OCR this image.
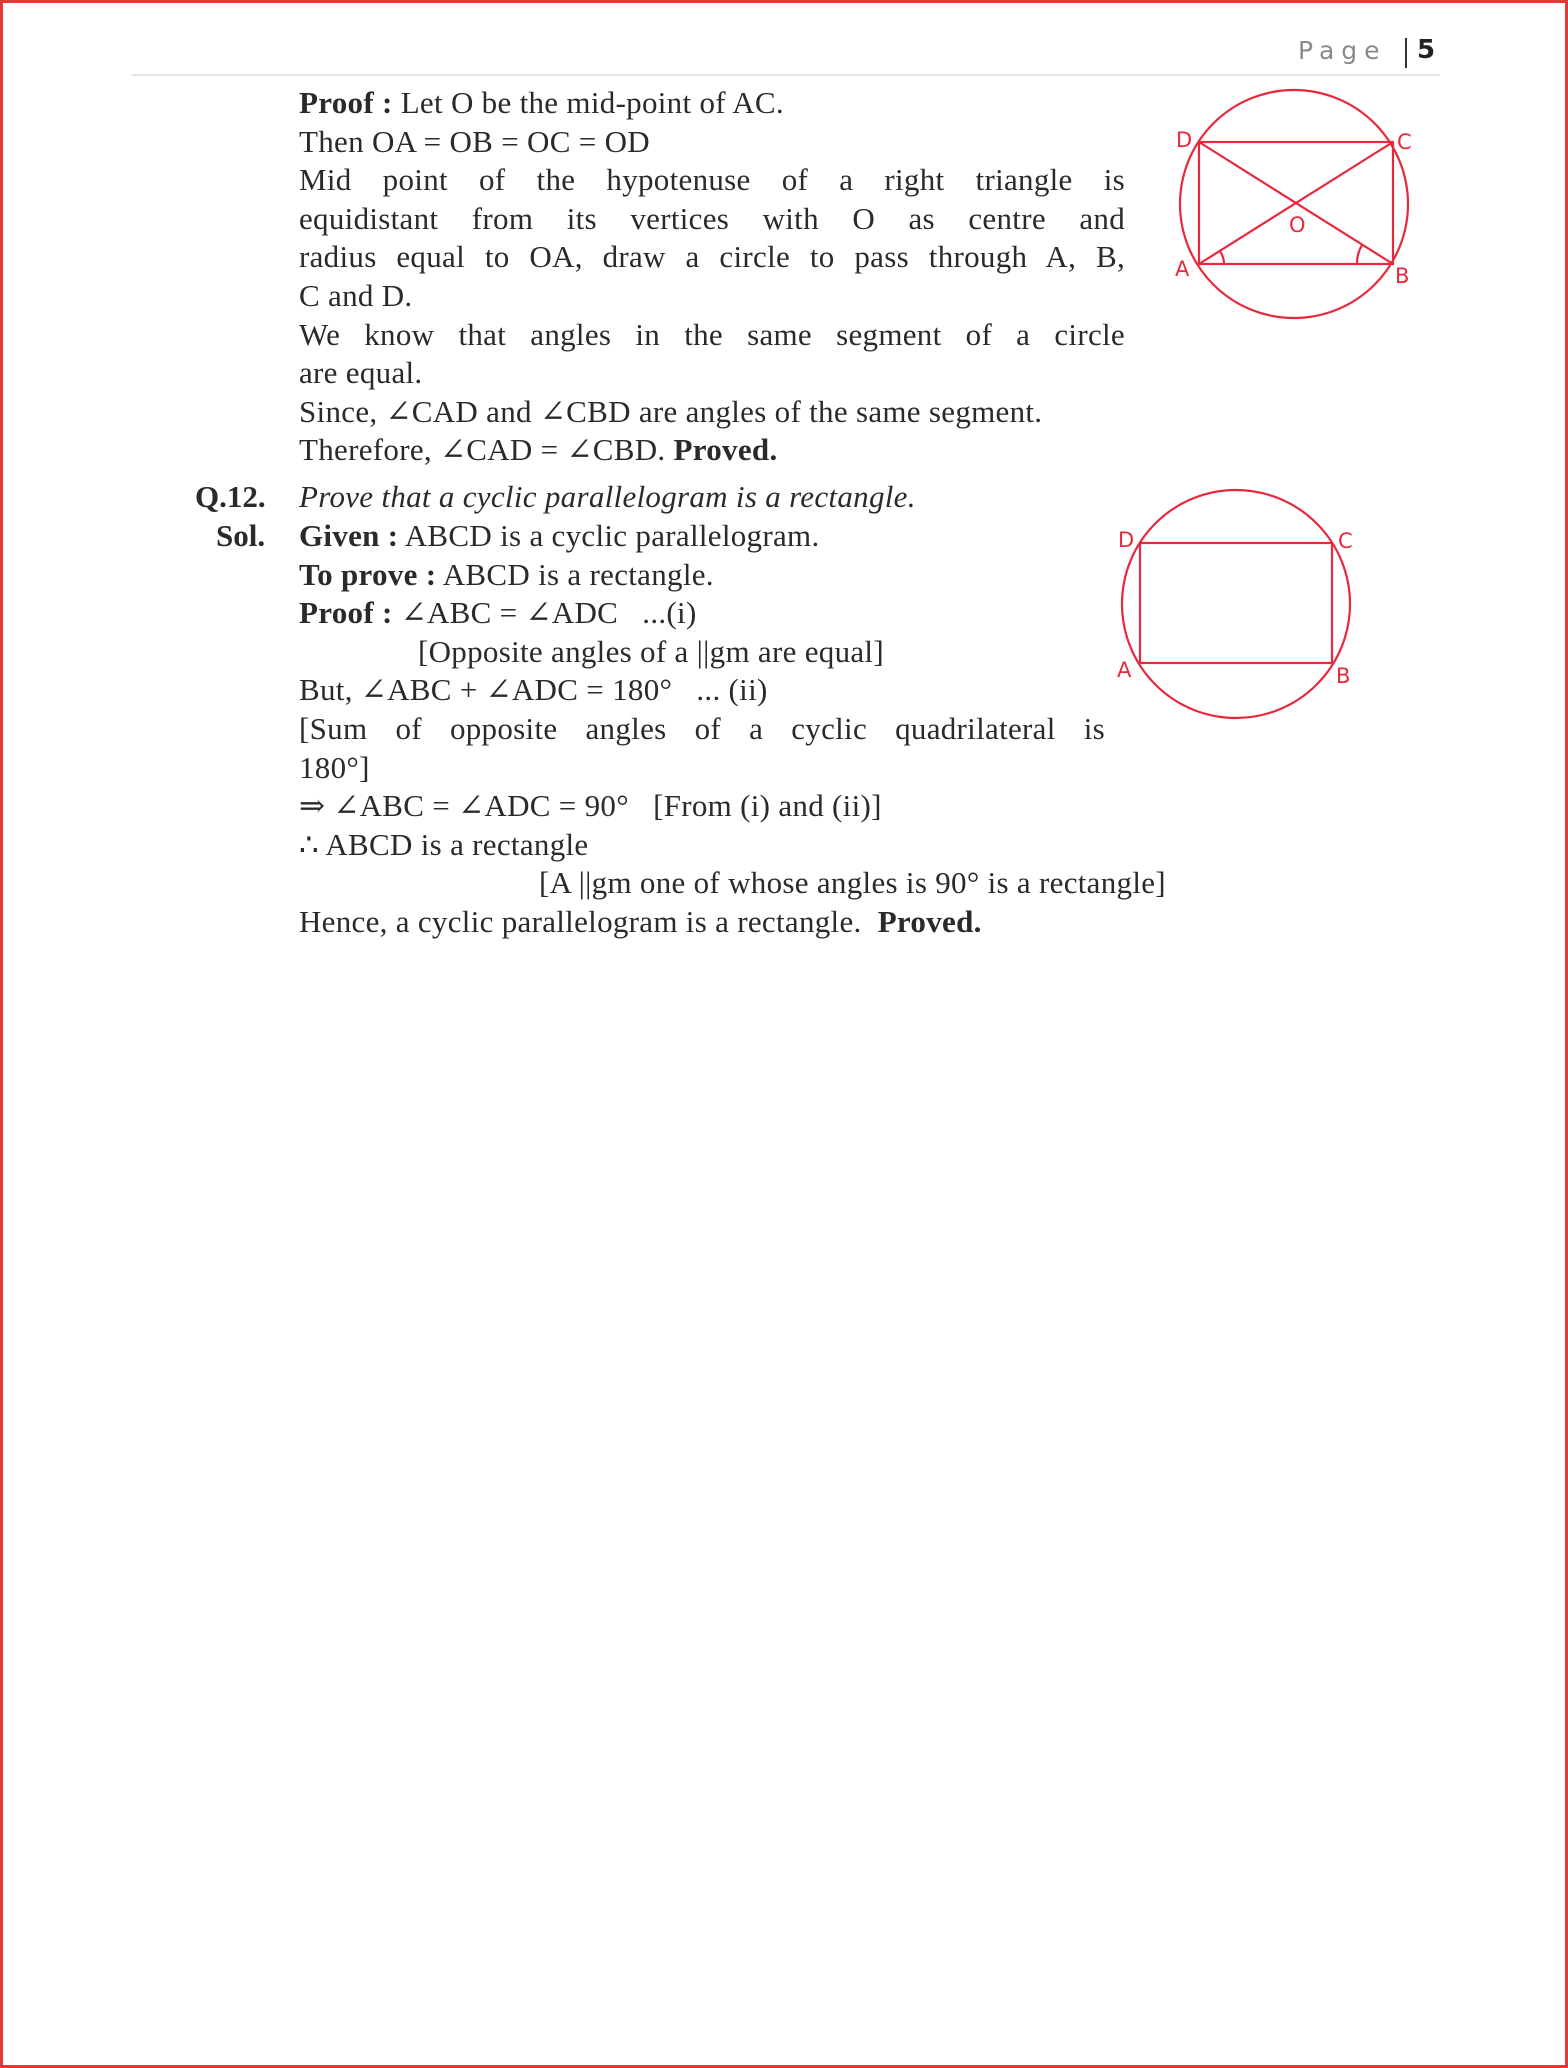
Page 5
Proof : Let O be the mid-point of AC.
Then OA = OB = OC = OD
Mid point of the hypotenuse of a right triangle is
equidistant from its vertices with O as centre and
radius equal to OA, draw a circle to pass through A, B,
C and D.
We know that angles in the same segment of a circle
are equal.
Since, ∠CAD and ∠CBD are angles of the same segment.
Therefore, ∠CAD = ∠CBD. Proved.
Q.12. Prove that a cyclic parallelogram is a rectangle.
Sol. Given : ABCD is a cyclic parallelogram.
To prove : ABCD is a rectangle.
Proof : ∠ABC = ∠ADC   ...(i)
[Opposite angles of a ||gm are equal]
But, ∠ABC + ∠ADC = 180°   ... (ii)
[Sum of opposite angles of a cyclic quadrilateral is
180°]
⇒ ∠ABC = ∠ADC = 90°   [From (i) and (ii)]
∴ ABCD is a rectangle
[A ||gm one of whose angles is 90° is a rectangle]
Hence, a cyclic parallelogram is a rectangle.  Proved.
D	C
A	B
O
D	C
A	B
